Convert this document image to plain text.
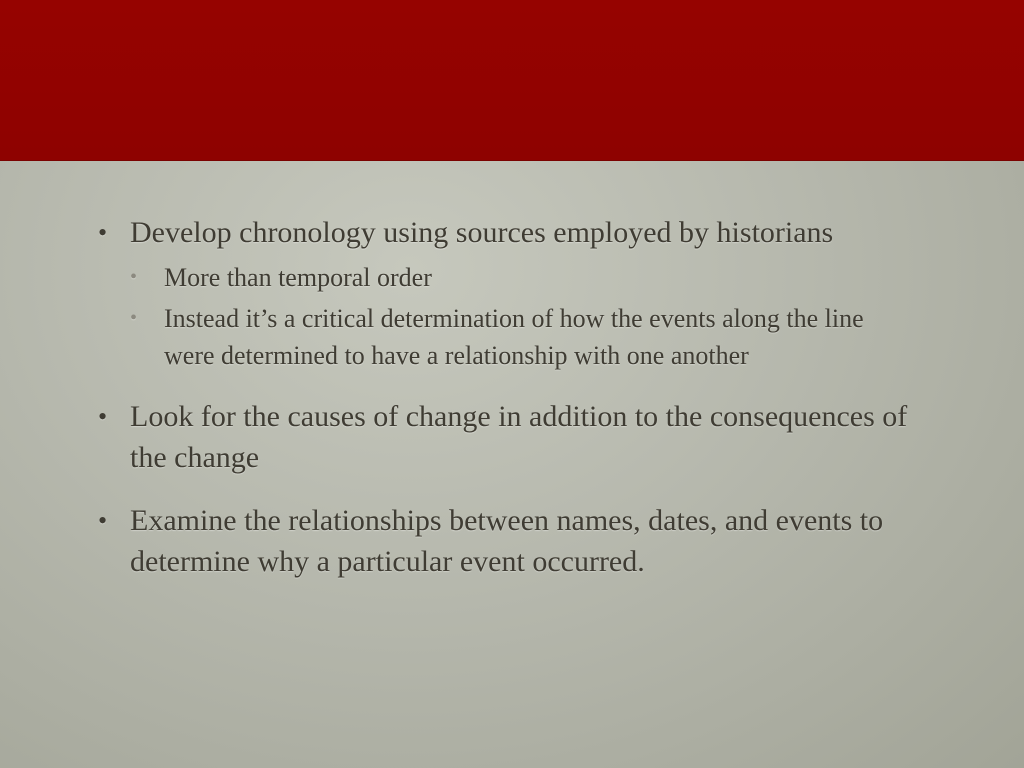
• Develop chronology using sources employed by historians
• More than temporal order
• Instead it’s a critical determination of how the events along the line were determined to have a relationship with one another
• Look for the causes of change in addition to the consequences of the change
• Examine the relationships between names, dates, and events to determine why a particular event occurred.
